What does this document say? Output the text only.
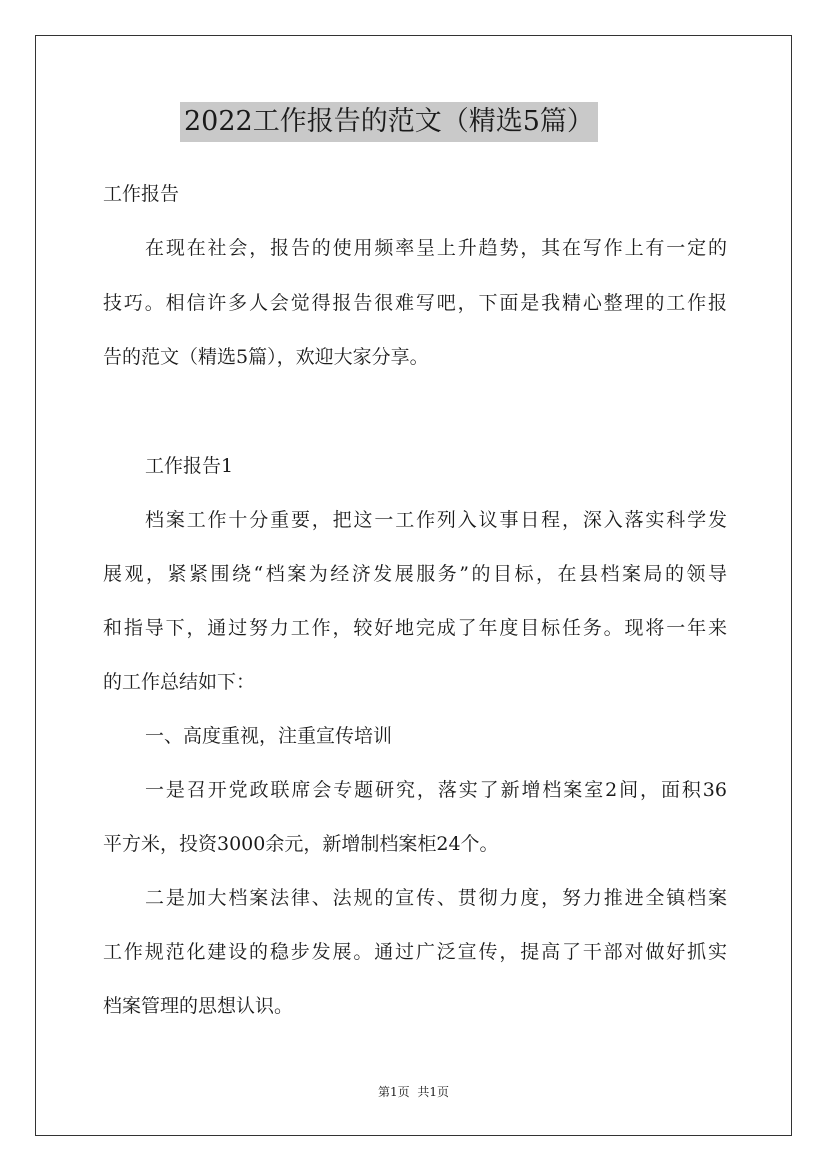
2022工作报告的范文（精选5篇）
工作报告
在现在社会，报告的使用频率呈上升趋势，其在写作上有一定的
技巧。相信许多人会觉得报告很难写吧，下面是我精心整理的工作报
告的范文（精选5篇），欢迎大家分享。
工作报告1
档案工作十分重要，把这一工作列入议事日程，深入落实科学发
展观，紧紧围绕“档案为经济发展服务”的目标，在县档案局的领导
和指导下，通过努力工作，较好地完成了年度目标任务。现将一年来
的工作总结如下：
一、高度重视，注重宣传培训
一是召开党政联席会专题研究，落实了新增档案室2间，面积36
平方米，投资3000余元，新增制档案柜24个。
二是加大档案法律、法规的宣传、贯彻力度，努力推进全镇档案
工作规范化建设的稳步发展。通过广泛宣传，提高了干部对做好抓实
档案管理的思想认识。
第1页 共1页
